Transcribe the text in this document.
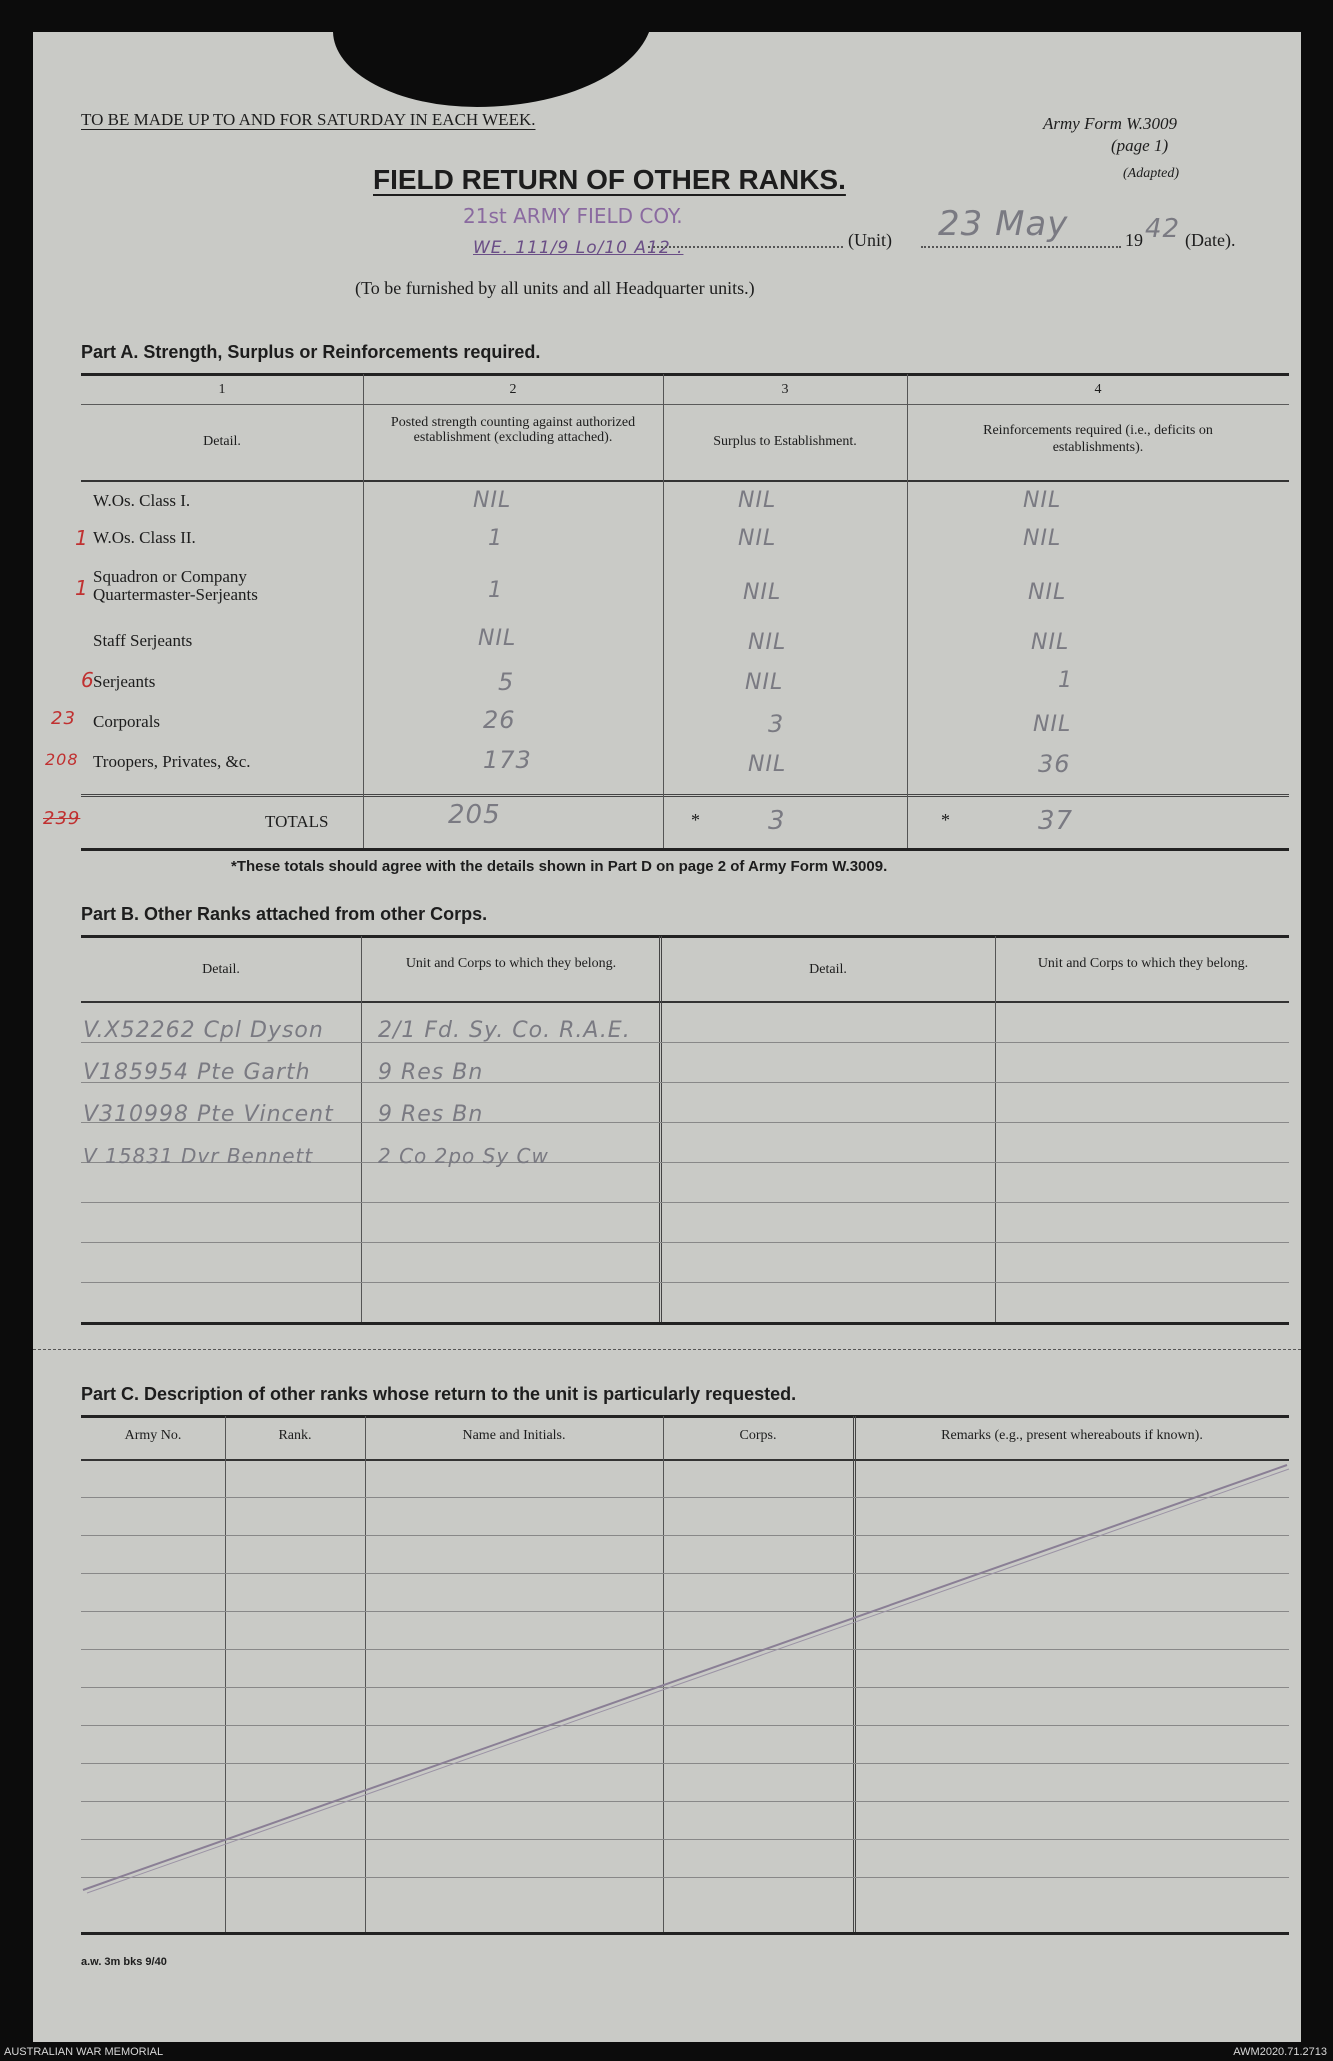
TO BE MADE UP TO AND FOR SATURDAY IN EACH WEEK.	Army Form W.3009
(page 1)
(Adapted)
FIELD RETURN OF OTHER RANKS.
21st ARMY FIELD COY.
WE. 111/9 Lo/10 A12 .	(Unit) 23 May	19 42 (Date).
(To be furnished by all units and all Headquarter units.)
Part A. Strength, Surplus or Reinforcements required.
1	2	3	4
Detail.
Posted strength counting against authorized establishment (excluding attached).	Surplus to Establishment.
Reinforcements required (i.e., deficits on establishments).
W.Os. Class I.	NIL	NIL	NIL
1 W.Os. Class II.	1	NIL	NIL
1 Squadron or Company Quartermaster-Serjeants	1	NIL	NIL
Staff Serjeants	NIL	NIL	NIL
6
Serjeants	5	NIL	1
23 Corporals	26	3	NIL
208 Troopers, Privates, &c.	173	NIL	36
239	TOTALS	205	*	3	*	37
*These totals should agree with the details shown in Part D on page 2 of Army Form W.3009.
Part B. Other Ranks attached from other Corps.
Detail.	Unit and Corps to which they belong.	Detail.	Unit and Corps to which they belong.
V.X52262 Cpl Dyson 2/1 Fd. Sy. Co. R.A.E.
V185954 Pte Garth	9 Res Bn
V310998 Pte Vincent 9 Res Bn
V 15831 Dvr Bennett	2 Co 2po Sy Cw
Part C. Description of other ranks whose return to the unit is particularly requested.
Army No.	Rank.	Name and Initials.	Corps.	Remarks (e.g., present whereabouts if known).
a.w. 3m bks 9/40
AUSTRALIAN WAR MEMORIAL	AWM2020.71.2713
